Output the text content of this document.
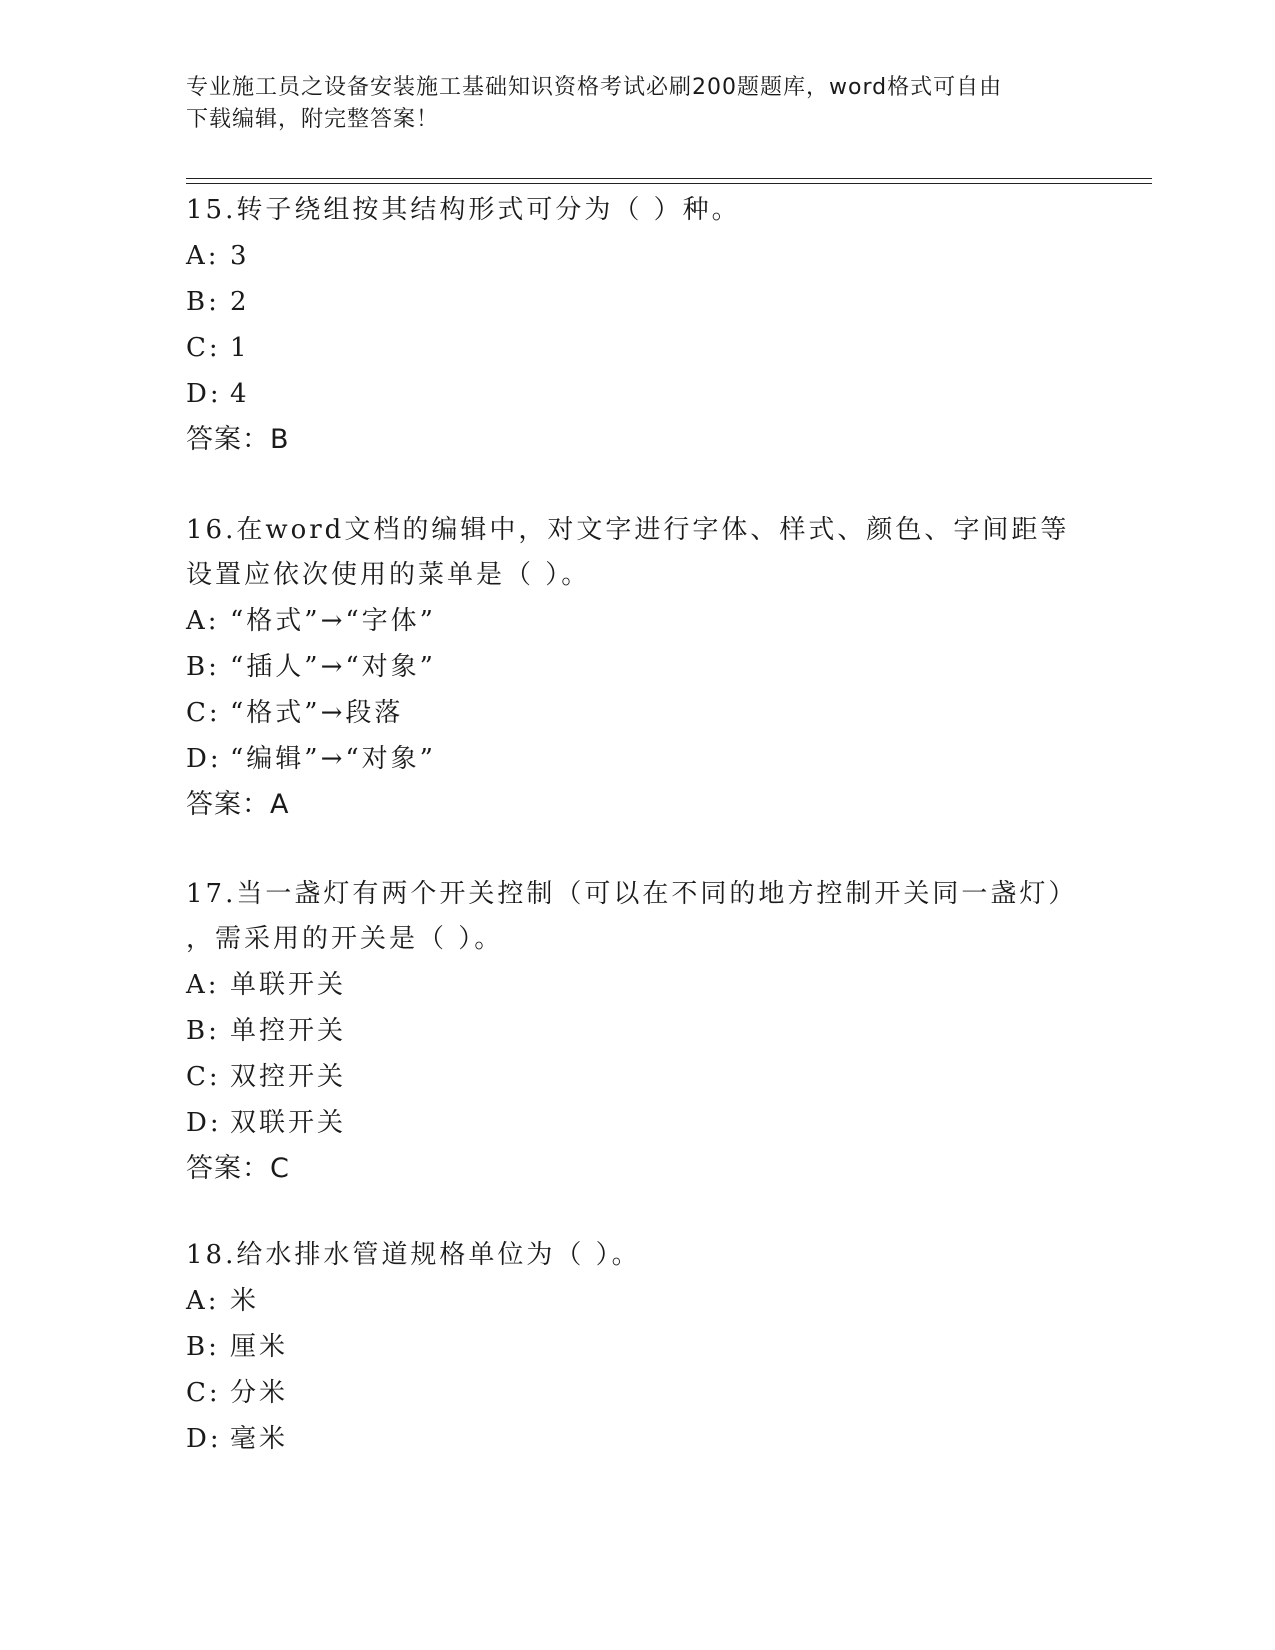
专业施工员之设备安装施工基础知识资格考试必刷200题题库，word格式可自由
下载编辑，附完整答案！
15.转子绕组按其结构形式可分为（ ）种。
A: 3
B: 2
C: 1
D: 4
答案：B
16.在word文档的编辑中，对文字进行字体、样式、颜色、字间距等
设置应依次使用的菜单是（ ）。
A: “格式”→“字体”
B: “插人”→“对象”
C: “格式”→段落
D: “编辑”→“对象”
答案：A
17.当一盏灯有两个开关控制（可以在不同的地方控制开关同一盏灯）
，需采用的开关是（ ）。
A: 单联开关
B: 单控开关
C: 双控开关
D: 双联开关
答案：C
18.给水排水管道规格单位为（ ）。
A: 米
B: 厘米
C: 分米
D: 毫米
